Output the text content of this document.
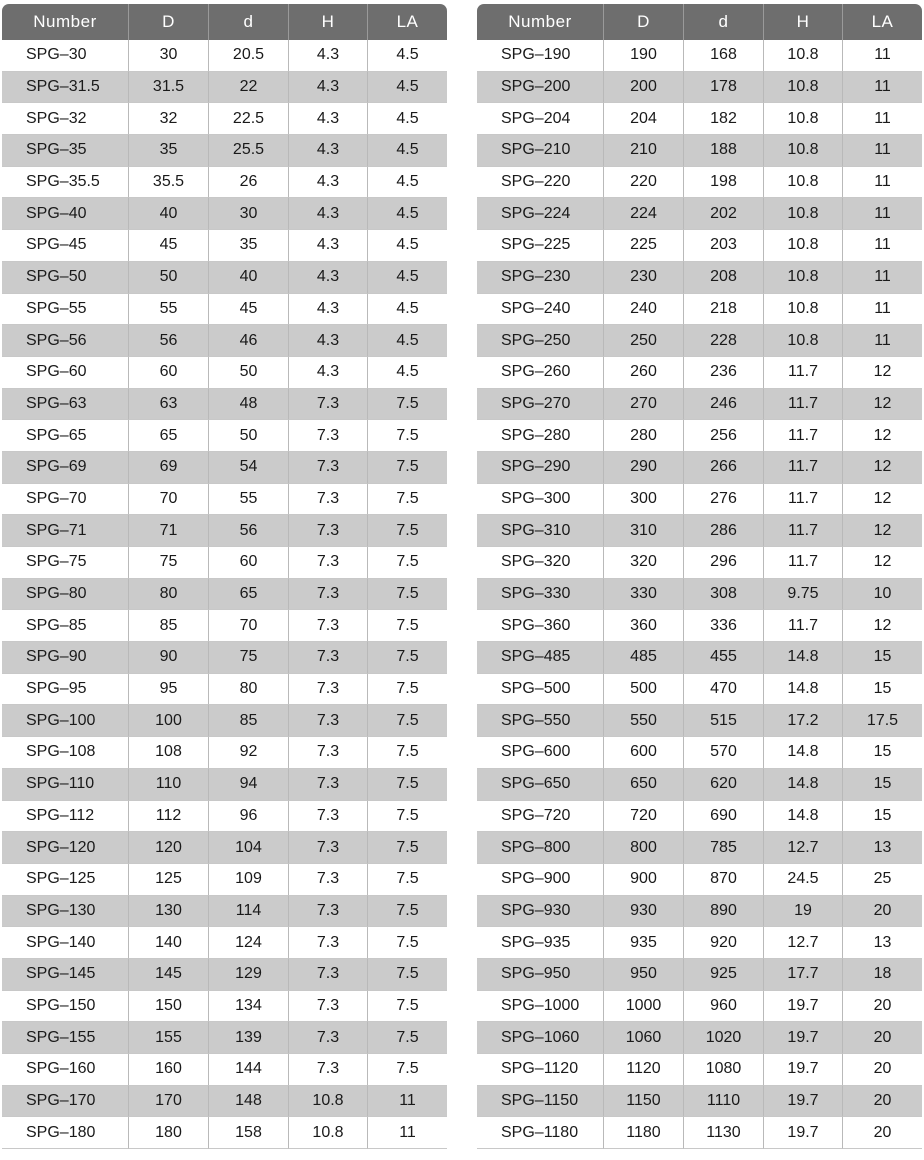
Number	D	d	H	LA
SPG–30	30	20.5	4.3	4.5
SPG–31.5	31.5	22	4.3	4.5
SPG–32	32	22.5	4.3	4.5
SPG–35	35	25.5	4.3	4.5
SPG–35.5	35.5	26	4.3	4.5
SPG–40	40	30	4.3	4.5
SPG–45	45	35	4.3	4.5
SPG–50	50	40	4.3	4.5
SPG–55	55	45	4.3	4.5
SPG–56	56	46	4.3	4.5
SPG–60	60	50	4.3	4.5
SPG–63	63	48	7.3	7.5
SPG–65	65	50	7.3	7.5
SPG–69	69	54	7.3	7.5
SPG–70	70	55	7.3	7.5
SPG–71	71	56	7.3	7.5
SPG–75	75	60	7.3	7.5
SPG–80	80	65	7.3	7.5
SPG–85	85	70	7.3	7.5
SPG–90	90	75	7.3	7.5
SPG–95	95	80	7.3	7.5
SPG–100	100	85	7.3	7.5
SPG–108	108	92	7.3	7.5
SPG–110	110	94	7.3	7.5
SPG–112	112	96	7.3	7.5
SPG–120	120	104	7.3	7.5
SPG–125	125	109	7.3	7.5
SPG–130	130	114	7.3	7.5
SPG–140	140	124	7.3	7.5
SPG–145	145	129	7.3	7.5
SPG–150	150	134	7.3	7.5
SPG–155	155	139	7.3	7.5
SPG–160	160	144	7.3	7.5
SPG–170	170	148	10.8	11
SPG–180	180	158	10.8	11
Number	D	d	H	LA
SPG–190	190	168	10.8	11
SPG–200	200	178	10.8	11
SPG–204	204	182	10.8	11
SPG–210	210	188	10.8	11
SPG–220	220	198	10.8	11
SPG–224	224	202	10.8	11
SPG–225	225	203	10.8	11
SPG–230	230	208	10.8	11
SPG–240	240	218	10.8	11
SPG–250	250	228	10.8	11
SPG–260	260	236	11.7	12
SPG–270	270	246	11.7	12
SPG–280	280	256	11.7	12
SPG–290	290	266	11.7	12
SPG–300	300	276	11.7	12
SPG–310	310	286	11.7	12
SPG–320	320	296	11.7	12
SPG–330	330	308	9.75	10
SPG–360	360	336	11.7	12
SPG–485	485	455	14.8	15
SPG–500	500	470	14.8	15
SPG–550	550	515	17.2	17.5
SPG–600	600	570	14.8	15
SPG–650	650	620	14.8	15
SPG–720	720	690	14.8	15
SPG–800	800	785	12.7	13
SPG–900	900	870	24.5	25
SPG–930	930	890	19	20
SPG–935	935	920	12.7	13
SPG–950	950	925	17.7	18
SPG–1000	1000	960	19.7	20
SPG–1060	1060	1020	19.7	20
SPG–1120	1120	1080	19.7	20
SPG–1150	1150	1110	19.7	20
SPG–1180	1180	1130	19.7	20
